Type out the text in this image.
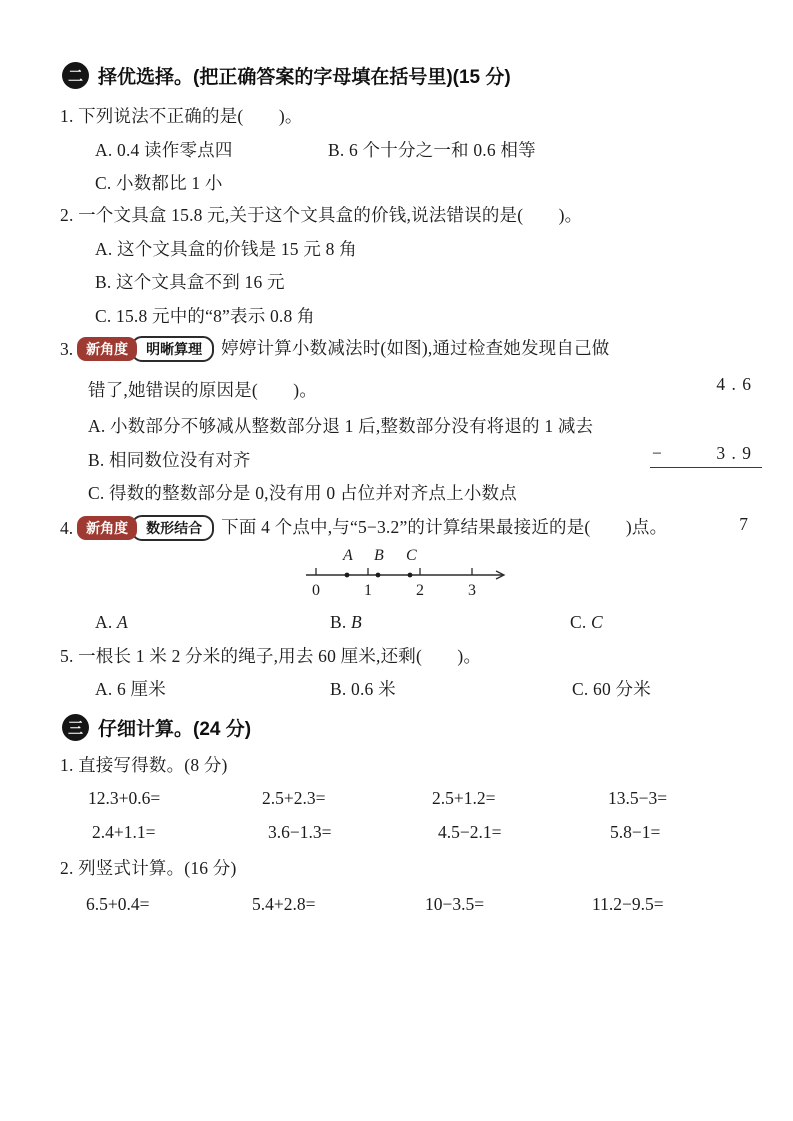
二 择优选择。(把正确答案的字母填在括号里)(15 分)
1. 下列说法不正确的是(　　)。
A. 0.4 读作零点四	B. 6 个十分之一和 0.6 相等
C. 小数都比 1 小
2. 一个文具盒 15.8 元,关于这个文具盒的价钱,说法错误的是(　　)。
A. 这个文具盒的价钱是 15 元 8 角
B. 这个文具盒不到 16 元
C. 15.8 元中的“8”表示 0.8 角
3. 新角度	明晰算理	婷婷计算小数减法时(如图),通过检查她发现自己做
错了,她错误的原因是(　　)。

	4 . 6

−	3 . 9

7

A. 小数部分不够减从整数部分退 1 后,整数部分没有将退的 1 减去
B. 相同数位没有对齐
C. 得数的整数部分是 0,没有用 0 占位并对齐点上小数点
4. 新角度	数形结合	下面 4 个点中,与“5−3.2”的计算结果最接近的是(　　)点。
A B C
0	1	2	3
A. A	B. B	C. C
5. 一根长 1 米 2 分米的绳子,用去 60 厘米,还剩(　　)。
A. 6 厘米	B. 0.6 米	C. 60 分米
三 仔细计算。(24 分)
1. 直接写得数。(8 分)
12.3+0.6=	2.5+2.3=	2.5+1.2=	13.5−3=
2.4+1.1=	3.6−1.3=	4.5−2.1=	5.8−1=
2. 列竖式计算。(16 分)
6.5+0.4=	5.4+2.8=	10−3.5=	11.2−9.5=
